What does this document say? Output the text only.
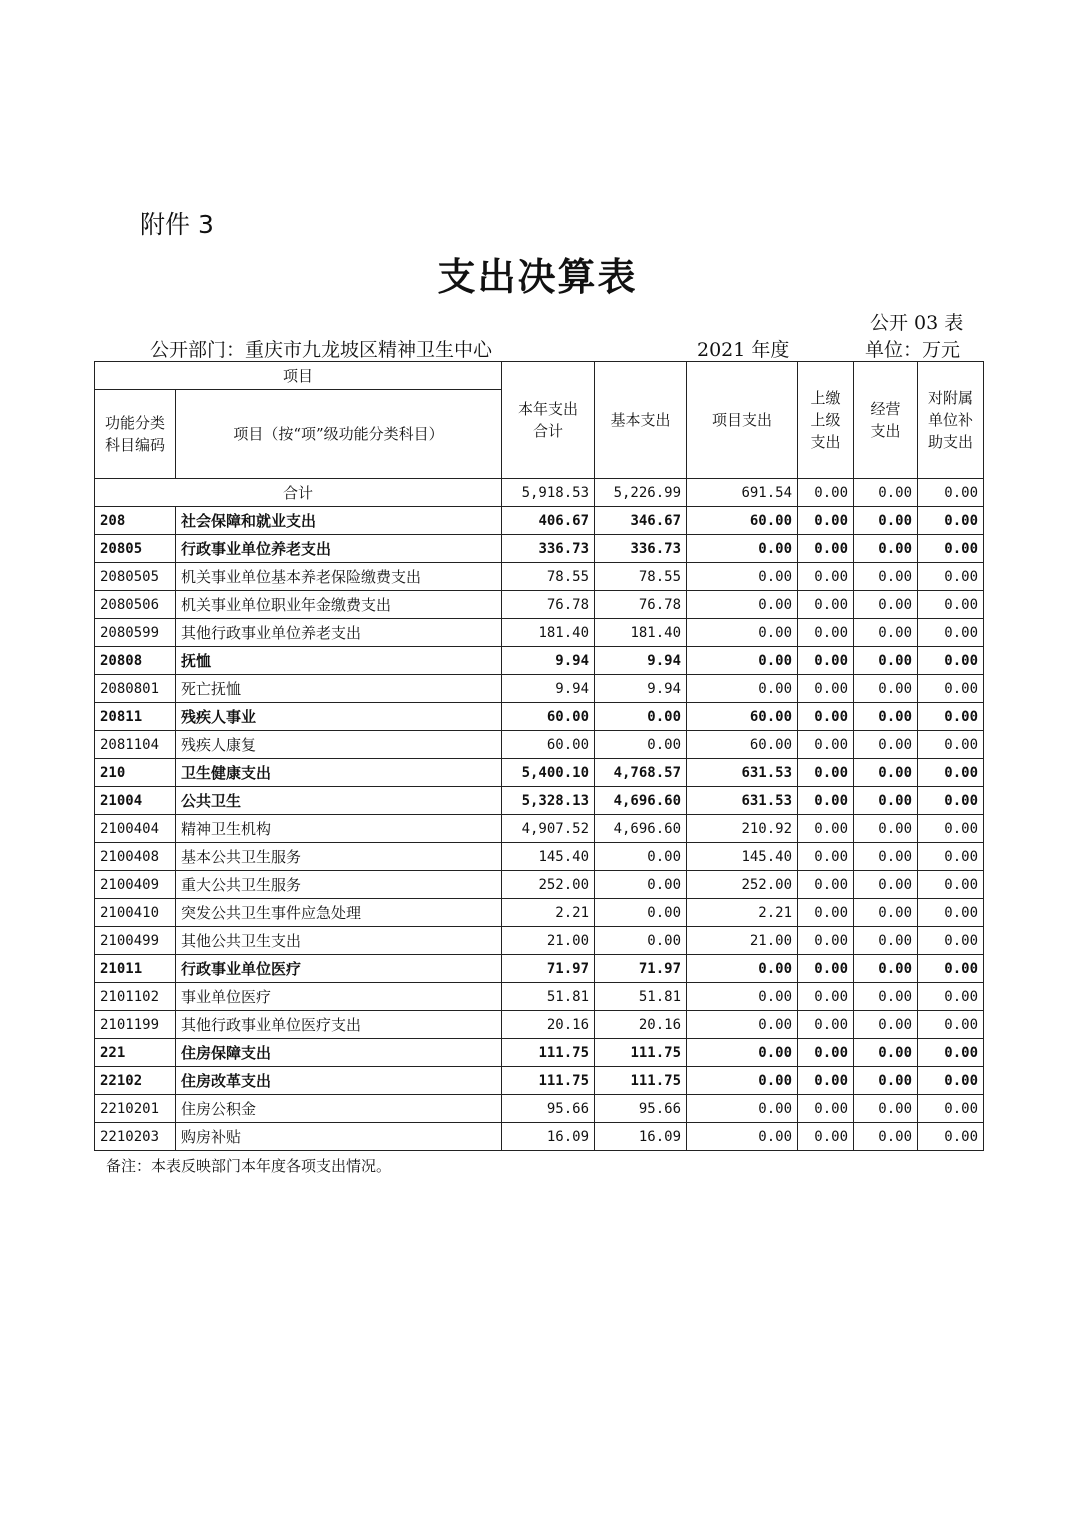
附件 3
支出决算表
公开 03 表
公开部门：重庆市九龙坡区精神卫生中心	2021 年度	单位：万元
项目		本年支出合计	基本支出	项目支出	上缴上级支出	经营支出	对附属单位补助支出
功能分类科目编码	项目（按“项”级功能分类科目）						
合计		5,918.53	5,226.99	691.54	0.00	0.00	0.00
208	社会保障和就业支出	406.67	346.67	60.00	0.00	0.00	0.00
20805	行政事业单位养老支出	336.73	336.73	0.00	0.00	0.00	0.00
2080505	机关事业单位基本养老保险缴费支出	78.55	78.55	0.00	0.00	0.00	0.00
2080506	机关事业单位职业年金缴费支出	76.78	76.78	0.00	0.00	0.00	0.00
2080599	其他行政事业单位养老支出	181.40	181.40	0.00	0.00	0.00	0.00
20808	抚恤	9.94	9.94	0.00	0.00	0.00	0.00
2080801	死亡抚恤	9.94	9.94	0.00	0.00	0.00	0.00
20811	残疾人事业	60.00	0.00	60.00	0.00	0.00	0.00
2081104	残疾人康复	60.00	0.00	60.00	0.00	0.00	0.00
210	卫生健康支出	5,400.10	4,768.57	631.53	0.00	0.00	0.00
21004	公共卫生	5,328.13	4,696.60	631.53	0.00	0.00	0.00
2100404	精神卫生机构	4,907.52	4,696.60	210.92	0.00	0.00	0.00
2100408	基本公共卫生服务	145.40	0.00	145.40	0.00	0.00	0.00
2100409	重大公共卫生服务	252.00	0.00	252.00	0.00	0.00	0.00
2100410	突发公共卫生事件应急处理	2.21	0.00	2.21	0.00	0.00	0.00
2100499	其他公共卫生支出	21.00	0.00	21.00	0.00	0.00	0.00
21011	行政事业单位医疗	71.97	71.97	0.00	0.00	0.00	0.00
2101102	事业单位医疗	51.81	51.81	0.00	0.00	0.00	0.00
2101199	其他行政事业单位医疗支出	20.16	20.16	0.00	0.00	0.00	0.00
221	住房保障支出	111.75	111.75	0.00	0.00	0.00	0.00
22102	住房改革支出	111.75	111.75	0.00	0.00	0.00	0.00
2210201	住房公积金	95.66	95.66	0.00	0.00	0.00	0.00
2210203	购房补贴	16.09	16.09	0.00	0.00	0.00	0.00
备注：本表反映部门本年度各项支出情况。
